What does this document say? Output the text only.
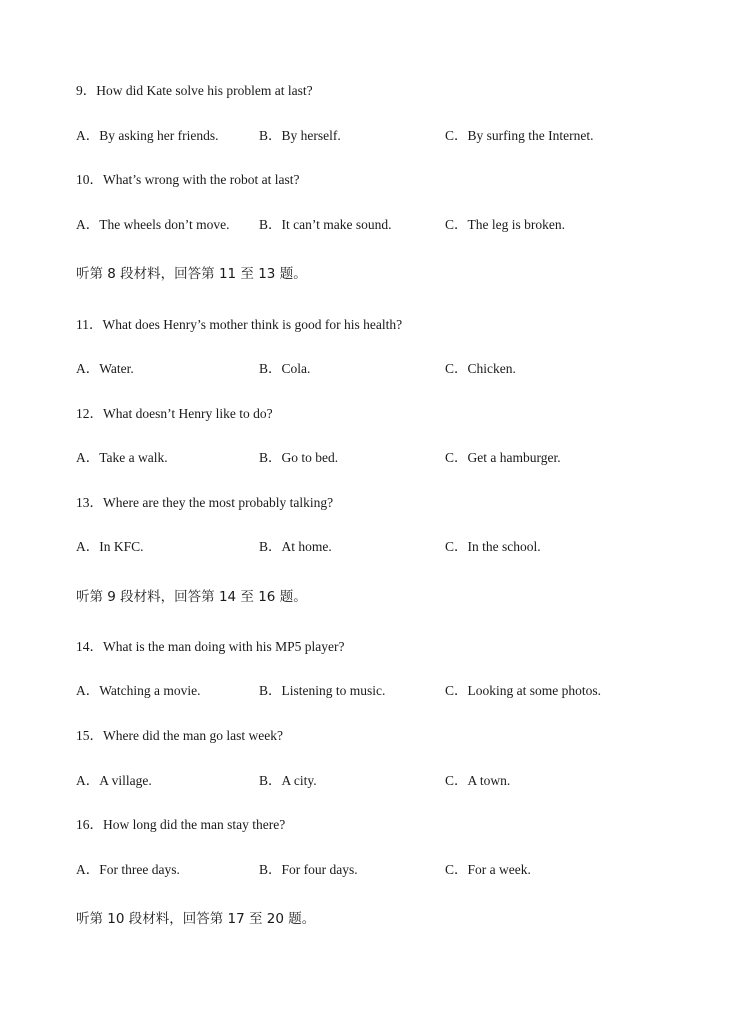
9．How did Kate solve his problem at last?
A．By asking her friends.	B．By herself.	C．By surfing the Internet.
10．What’s wrong with the robot at last?
A．The wheels don’t move. B．It can’t make sound.	C．The leg is broken.
听第 8 段材料，回答第 11 至 13 题。
11．What does Henry’s mother think is good for his health?
A．Water.	B．Cola.	C．Chicken.
12．What doesn’t Henry like to do?
A．Take a walk.	B．Go to bed.	C．Get a hamburger.
13．Where are they the most probably talking?
A．In KFC.	B．At home.	C．In the school.
听第 9 段材料，回答第 14 至 16 题。
14．What is the man doing with his MP5 player?
A．Watching a movie.	B．Listening to music.	C．Looking at some photos.
15．Where did the man go last week?
A．A village.	B．A city.	C．A town.
16．How long did the man stay there?
A．For three days.	B．For four days.	C．For a week.
听第 10 段材料，回答第 17 至 20 题。
